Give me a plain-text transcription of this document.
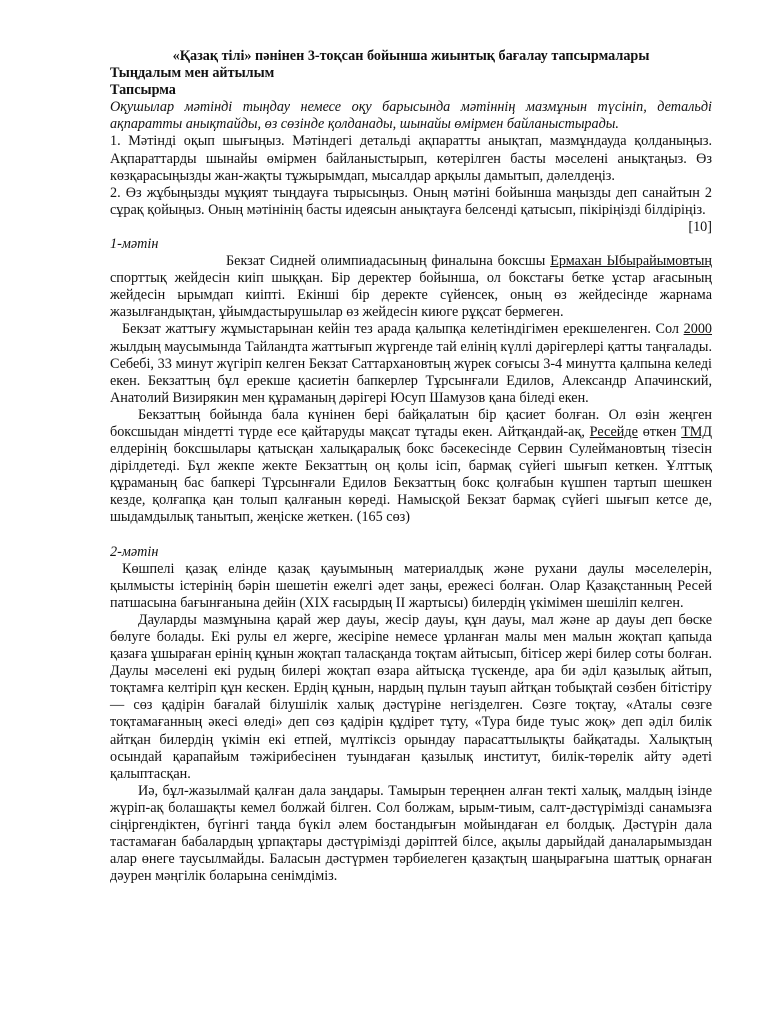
«Қазақ тілі» пәнінен 3-тоқсан бойынша жиынтық бағалау тапсырмалары

Тыңдалым мен айтылым

Тапсырма

Оқушылар мәтінді тыңдау немесе оқу барысында мәтіннің мазмұнын түсініп, детальді ақпаратты анықтайды, өз сөзінде қолданады, шынайы өмірмен байланыстырады.

1. Мәтінді оқып шығыңыз. Мәтіндегі детальді ақпаратты анықтап, мазмұндауда қолданыңыз. Ақпараттарды шынайы өмірмен байланыстырып, көтерілген басты мәселені анықтаңыз. Өз көзқарасыңызды жан-жақты тұжырымдап, мысалдар арқылы дамытып, дәлелдеңіз.

2. Өз жұбыңызды мұқият тыңдауға тырысыңыз. Оның мәтіні бойынша маңызды деп санайтын 2 сұрақ қойыңыз. Оның мәтінінің басты идеясын анықтауға белсенді қатысып, пікіріңізді білдіріңіз.
[10]

1-мәтін

Бекзат Сидней олимпиадасының финалына боксшы Ермахан Ыбырайымовтың спорттық жейдесін киіп шыққан. Бір деректер бойынша, ол бокстағы бетке ұстар ағасының жейдесін ырымдап киіпті. Екінші бір деректе сүйенсек, оның өз жейдесінде жарнама жазылғандықтан, ұйымдастырушылар өз жейдесін киюге рұқсат бермеген.

Бекзат жаттығу жұмыстарынан кейін тез арада қалыпқа келетіндігімен ерекшеленген. Сол 2000 жылдың маусымында Тайландта жаттығып жүргенде тай елінің күллі дәрігерлері қатты таңғалады. Себебі, 33 минут жүгіріп келген Бекзат Саттархановтың жүрек соғысы 3-4 минутта қалпына келеді екен. Бекзаттың бұл ерекше қасиетін бапкерлер Тұрсынғали Едилов, Александр Апачинский, Анатолий Визирякин мен құраманың дәрігері Юсуп Шамузов қана біледі екен.

Бекзаттың бойында бала күнінен бері байқалатын бір қасиет болған. Ол өзін жеңген боксшыдан міндетті түрде есе қайтаруды мақсат тұтады екен. Айтқандай-ақ, Ресейде өткен ТМД елдерінің боксшылары қатысқан халықаралық бокс бәсекесінде Сервин Сулеймановтың тізесін дірілдетеді. Бұл жекпе жекте Бекзаттың оң қолы ісіп, бармақ сүйегі шығып кеткен. Ұлттық құраманың бас бапкері Тұрсынғали Едилов Бекзаттың бокс қолғабын күшпен тартып шешкен кезде, қолғапқа қан толып қалғанын көреді. Намысқой Бекзат бармақ сүйегі шығып кетсе де, шыдамдылық танытып, жеңіске жеткен. (165 сөз)

2-мәтін

Көшпелі қазақ елінде қазақ қауымының материалдық және рухани даулы мәселелерін, қылмысты істерінің бәрін шешетін ежелгі әдет заңы, ережесі болған. Олар Қазақстанның Ресей патшасына бағынғанына дейін (XIX ғасырдың II жартысы) билердің үкімімен шешіліп келген.

Дауларды мазмұнына қарай жер дауы, жесір дауы, құн дауы, мал және ар дауы деп бөске бөлуге болады. Екі рулы ел жерге, жесірine немесе ұрланған малы мен малын жоқтап қапыда қазаға ұшыраған ерінің құнын жоқтап таласқанда тоқтам айтысып, бітісер жері билер соты болған. Даулы мәселені екі рудың билері жоқтап өзара айтысқа түскенде, ара би әділ қазылық айтып, тоқтамға келтіріп құн кескен. Ердің құнын, нардың пұлын тауып айтқан тобықтай сөзбен бітістіру — сөз қадірін бағалай білушілік халық дәстүріне негізделген. Сөзге тоқтау, «Аталы сөзге тоқтамағанның әкесі өледі» деп сөз қадірін құдірет тұту, «Тура биде туыс жоқ» деп әділ билік айтқан билердің үкімін екі етпей, мүлтіксіз орындау парасаттылықты байқатады. Халықтың осындай қарапайым тәжірибесінен туындаған қазылық институт, билік-төрелік айту әдеті қалыптасқан.

Иә, бұл-жазылмай қалған дала заңдары. Тамырын тереңнен алған текті халық, малдың ізінде жүріп-ақ болашақты кемел болжай білген. Сол болжам, ырым-тиым, салт-дәстүрімізді санамызға сіңіргендіктен, бүгінгі таңда бүкіл әлем бостандығын мойындаған ел болдық. Дәстүрін дала тастамаған бабалардың ұрпақтары дәстүрімізді дәріптей білсе, ақылы дарыйдай даналарымыздан алар өнеге таусылмайды. Баласын дәстүрмен тәрбиелеген қазақтың шаңырағына шаттық орнаған дәурен мәңгілік боларына сенімдіміз.
